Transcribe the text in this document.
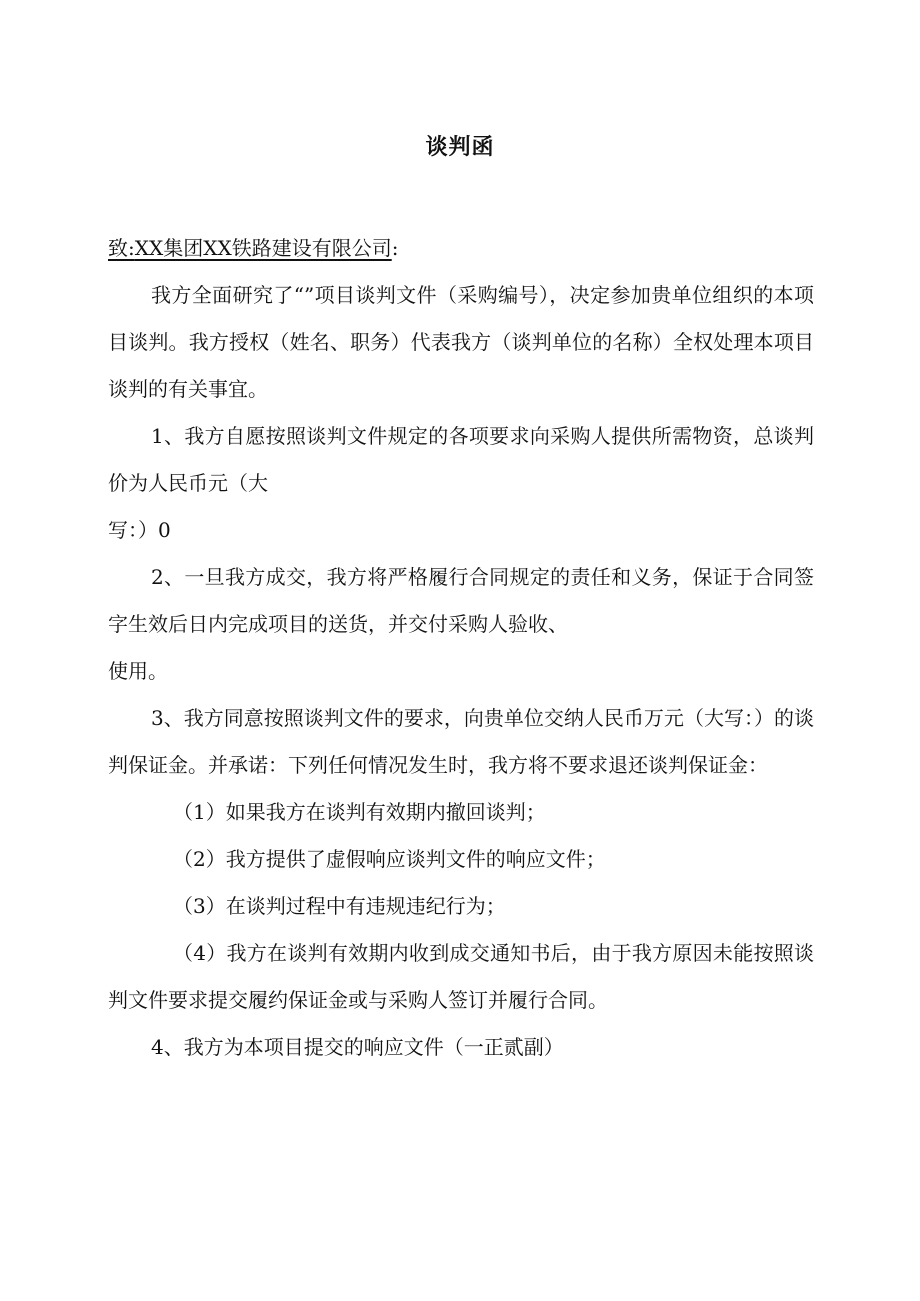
谈判函

致:XX集团XX铁路建设有限公司:

我方全面研究了“”项目谈判文件（采购编号），决定参加贵单位组织的本项目谈判。我方授权（姓名、职务）代表我方（谈判单位的名称）全权处理本项目谈判的有关事宜。

1、我方自愿按照谈判文件规定的各项要求向采购人提供所需物资，总谈判价为人民币元（大

写：）0

2、一旦我方成交，我方将严格履行合同规定的责任和义务，保证于合同签字生效后日内完成项目的送货，并交付采购人验收、

使用。

3、我方同意按照谈判文件的要求，向贵单位交纳人民币万元（大写：）的谈判保证金。并承诺：下列任何情况发生时，我方将不要求退还谈判保证金：

（1）如果我方在谈判有效期内撤回谈判；

（2）我方提供了虚假响应谈判文件的响应文件；

（3）在谈判过程中有违规违纪行为；

（4）我方在谈判有效期内收到成交通知书后，由于我方原因未能按照谈判文件要求提交履约保证金或与采购人签订并履行合同。

4、我方为本项目提交的响应文件（一正贰副）
